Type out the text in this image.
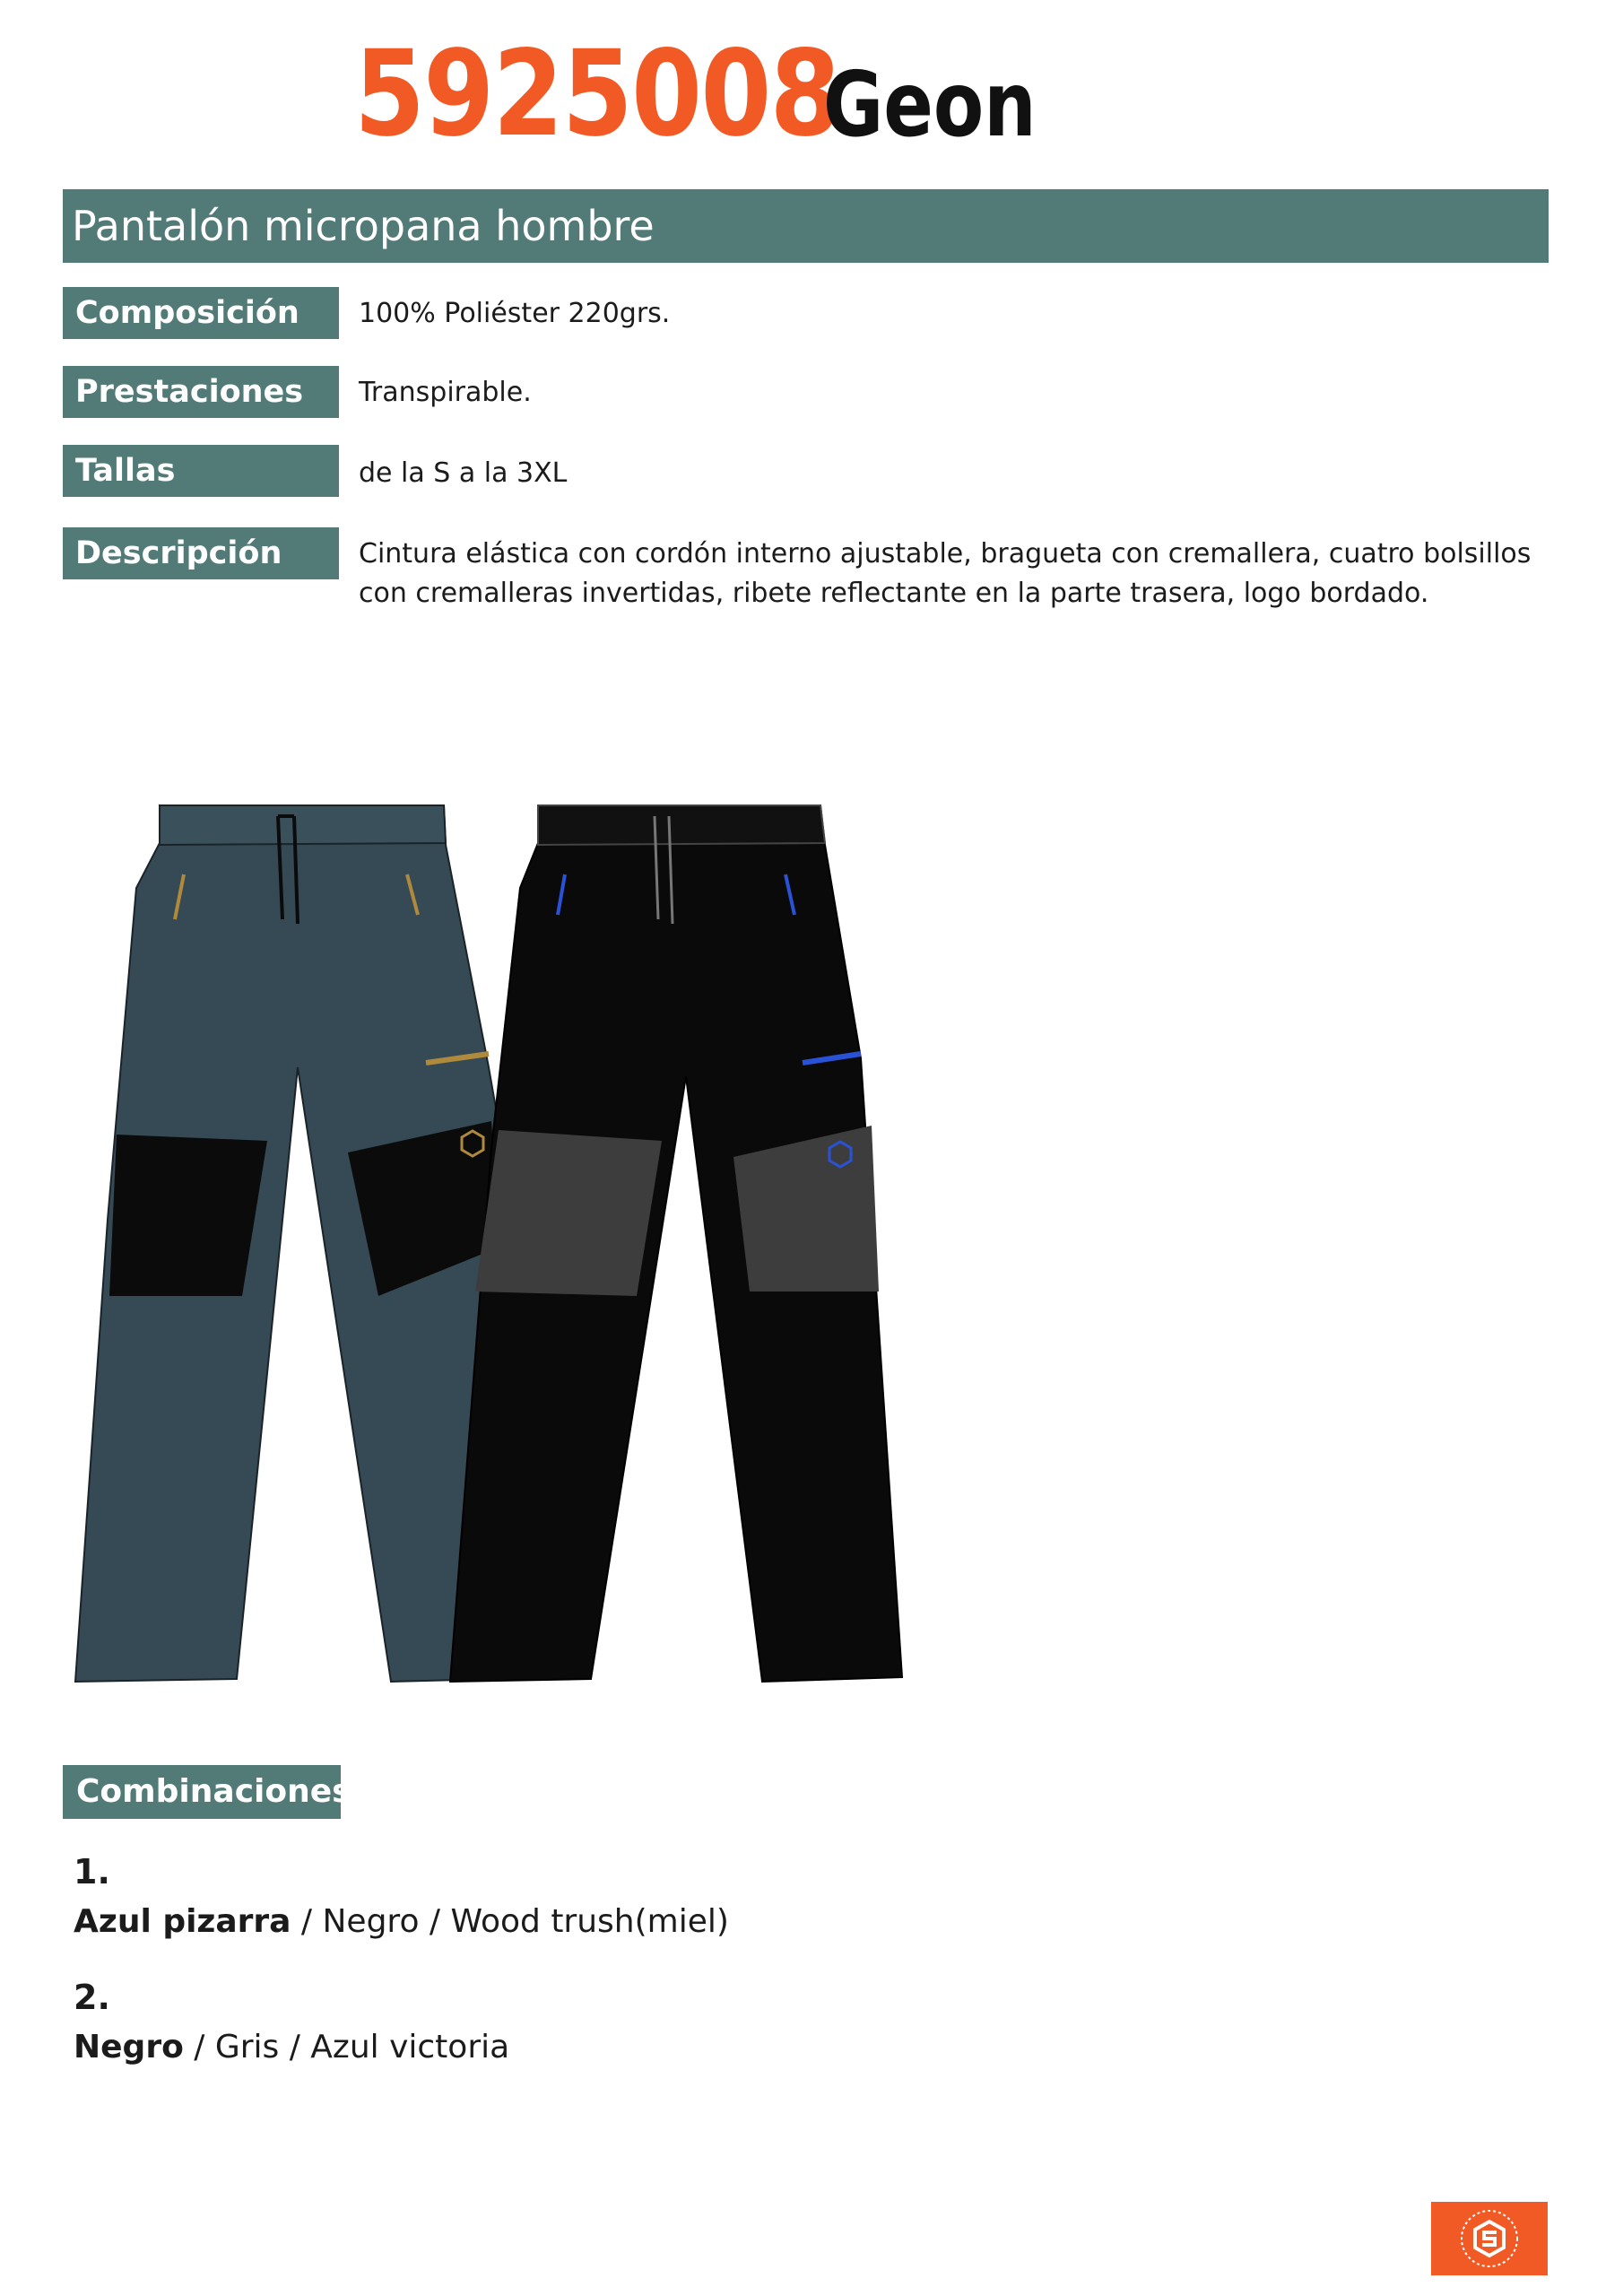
5925008
Geon
Pantalón micropana hombre
Composición	100% Poliéster 220grs.
Prestaciones	Transpirable.
Tallas	de la S a la 3XL
Descripción	Cintura elástica con cordón interno ajustable, bragueta con cremallera, cuatro bolsillos
con cremalleras invertidas, ribete reflectante en la parte trasera, logo bordado.
Combinaciones
1.
Azul pizarra / Negro / Wood trush(miel)
2.
Negro / Gris / Azul victoria
